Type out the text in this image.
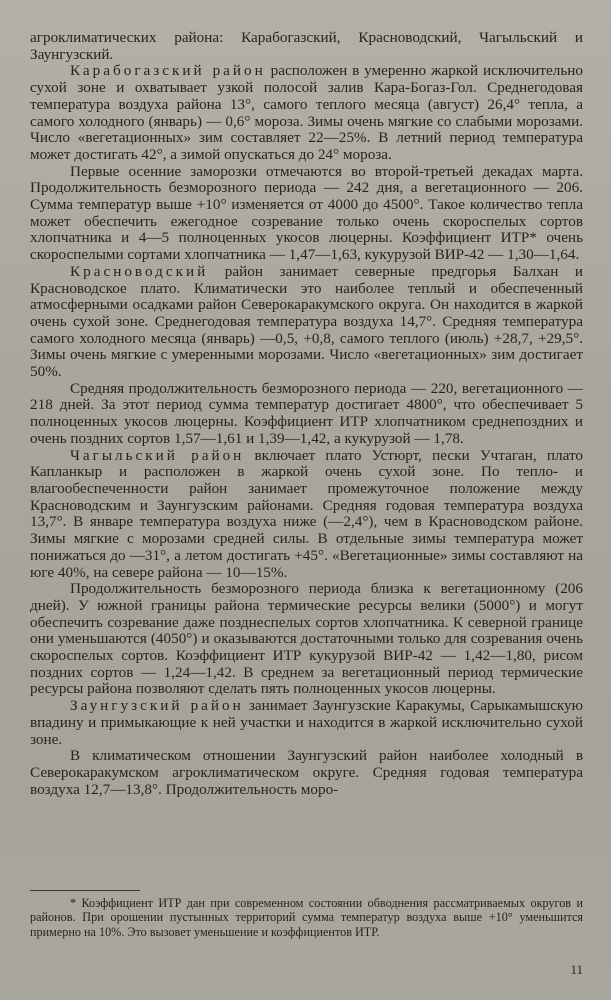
агроклиматических района: Карабогазский, Красноводский, Чагыльский и Заунгузский.

Карабогазский район расположен в умеренно жаркой исключительно сухой зоне и охватывает узкой полосой залив Кара-Богаз-Гол. Среднегодовая температура воздуха района 13°, самого теплого месяца (август) 26,4° тепла, а самого холодного (январь) — 0,6° мороза. Зимы очень мягкие со слабыми морозами. Число «вегетационных» зим составляет 22—25%. В летний период температура может достигать 42°, а зимой опускаться до 24° мороза.

Первые осенние заморозки отмечаются во второй-третьей декадах марта. Продолжительность безморозного периода — 242 дня, а вегетационного — 206. Сумма температур выше +10° изменяется от 4000 до 4500°. Такое количество тепла может обеспечить ежегодное созревание только очень скороспелых сортов хлопчатника и 4—5 полноценных укосов люцерны. Коэффициент ИТР* очень скороспелыми сортами хлопчатника — 1,47—1,63, кукурузой ВИР-42 — 1,30—1,64.

Красноводский район занимает северные предгорья Балхан и Красноводское плато. Климатически это наиболее теплый и обеспеченный атмосферными осадками район Северокаракумского округа. Он находится в жаркой очень сухой зоне. Среднегодовая температура воздуха 14,7°. Средняя температура самого холодного месяца (январь) —0,5, +0,8, самого теплого (июль) +28,7, +29,5°. Зимы очень мягкие с умеренными морозами. Число «вегетационных» зим достигает 50%.

Средняя продолжительность безморозного периода — 220, вегетационного — 218 дней. За этот период сумма температур достигает 4800°, что обеспечивает 5 полноценных укосов люцерны. Коэффициент ИТР хлопчатником среднепоздних и очень поздних сортов 1,57—1,61 и 1,39—1,42, а кукурузой — 1,78.

Чагыльский район включает плато Устюрт, пески Учтаган, плато Капланкыр и расположен в жаркой очень сухой зоне. По тепло- и влагообеспеченности район занимает промежуточное положение между Красноводским и Заунгузским районами. Средняя годовая температура воздуха 13,7°. В январе температура воздуха ниже (—2,4°), чем в Красноводском районе. Зимы мягкие с морозами средней силы. В отдельные зимы температура может понижаться до —31°, а летом достигать +45°. «Вегетационные» зимы составляют на юге 40%, на севере района — 10—15%.

Продолжительность безморозного периода близка к вегетационному (206 дней). У южной границы района термические ресурсы велики (5000°) и могут обеспечить созревание даже позднеспелых сортов хлопчатника. К северной границе они уменьшаются (4050°) и оказываются достаточными только для созревания очень скороспелых сортов. Коэффициент ИТР кукурузой ВИР-42 — 1,42—1,80, рисом поздних сортов — 1,24—1,42. В среднем за вегетационный период термические ресурсы района позволяют сделать пять полноценных укосов люцерны.

Заунгузский район занимает Заунгузские Каракумы, Сарыкамышскую впадину и примыкающие к ней участки и находится в жаркой исключительно сухой зоне.

В климатическом отношении Заунгузский район наиболее холодный в Северокаракумском агроклиматическом округе. Средняя годовая температура воздуха 12,7—13,8°. Продолжительность моро-

* Коэффициент ИТР дан при современном состоянии обводнения рассматриваемых округов и районов. При орошении пустынных территорий сумма температур воздуха выше +10° уменьшится примерно на 10%. Это вызовет уменьшение и коэффициентов ИТР.

11
